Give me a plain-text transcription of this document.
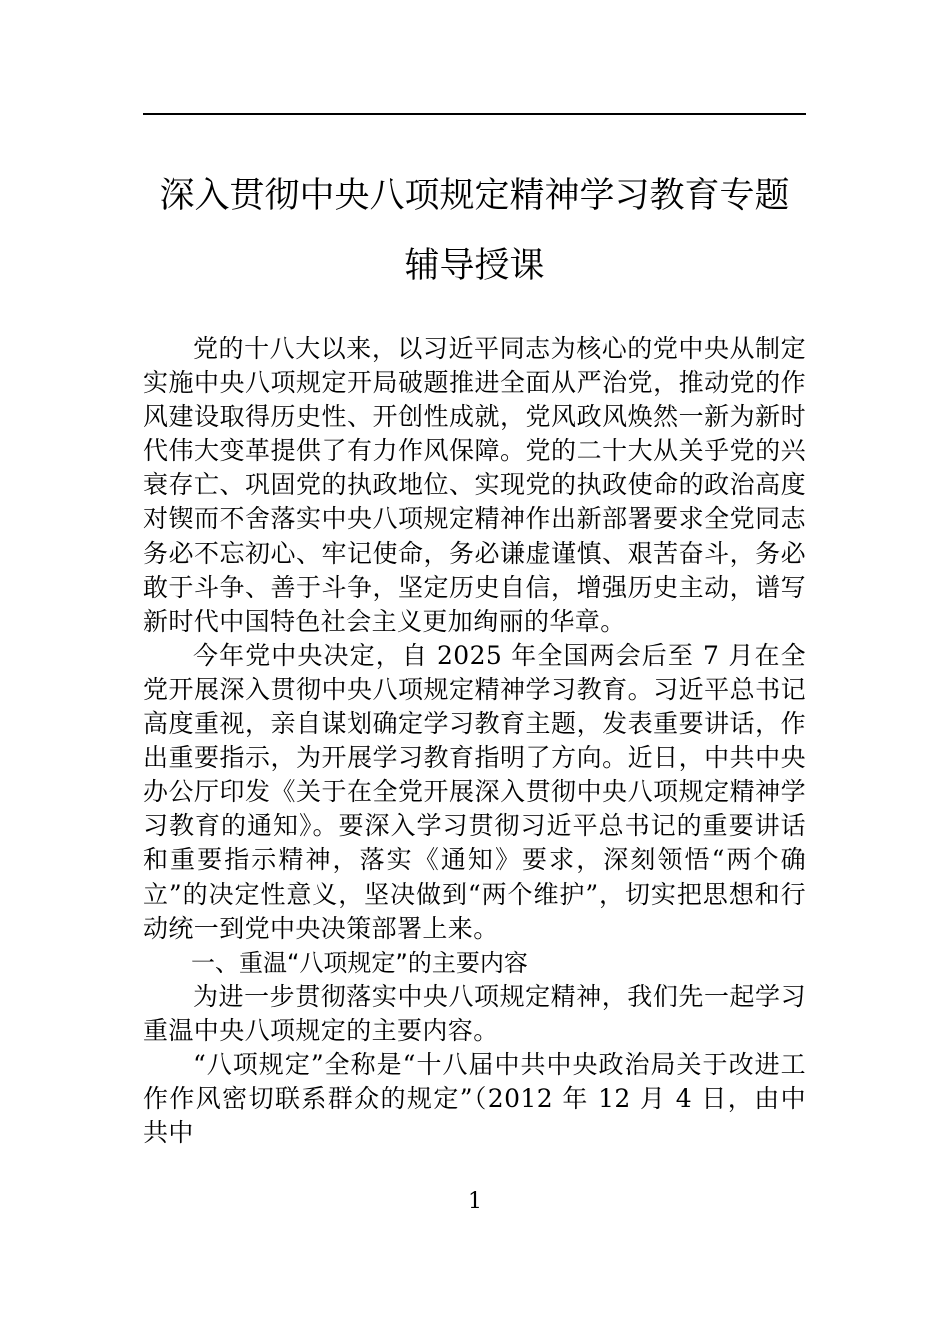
深入贯彻中央八项规定精神学习教育专题
辅导授课

党的十八大以来，以习近平同志为核心的党中央从制定实施中央八项规定开局破题推进全面从严治党，推动党的作风建设取得历史性、开创性成就，党风政风焕然一新为新时代伟大变革提供了有力作风保障。党的二十大从关乎党的兴衰存亡、巩固党的执政地位、实现党的执政使命的政治高度对锲而不舍落实中央八项规定精神作出新部署要求全党同志务必不忘初心、牢记使命，务必谦虚谨慎、艰苦奋斗，务必敢于斗争、善于斗争，坚定历史自信，增强历史主动，谱写新时代中国特色社会主义更加绚丽的华章。

今年党中央决定，自 2025 年全国两会后至 7 月在全党开展深入贯彻中央八项规定精神学习教育。习近平总书记高度重视，亲自谋划确定学习教育主题，发表重要讲话，作出重要指示，为开展学习教育指明了方向。近日，中共中央办公厅印发《关于在全党开展深入贯彻中央八项规定精神学习教育的通知》。要深入学习贯彻习近平总书记的重要讲话和重要指示精神，落实《通知》要求，深刻领悟“两个确立”的决定性意义，坚决做到“两个维护”，切实把思想和行动统一到党中央决策部署上来。

一、重温“八项规定”的主要内容

为进一步贯彻落实中央八项规定精神，我们先一起学习重温中央八项规定的主要内容。

“八项规定”全称是“十八届中共中央政治局关于改进工作作风密切联系群众的规定”（2012 年 12 月 4 日，由中共中

1
